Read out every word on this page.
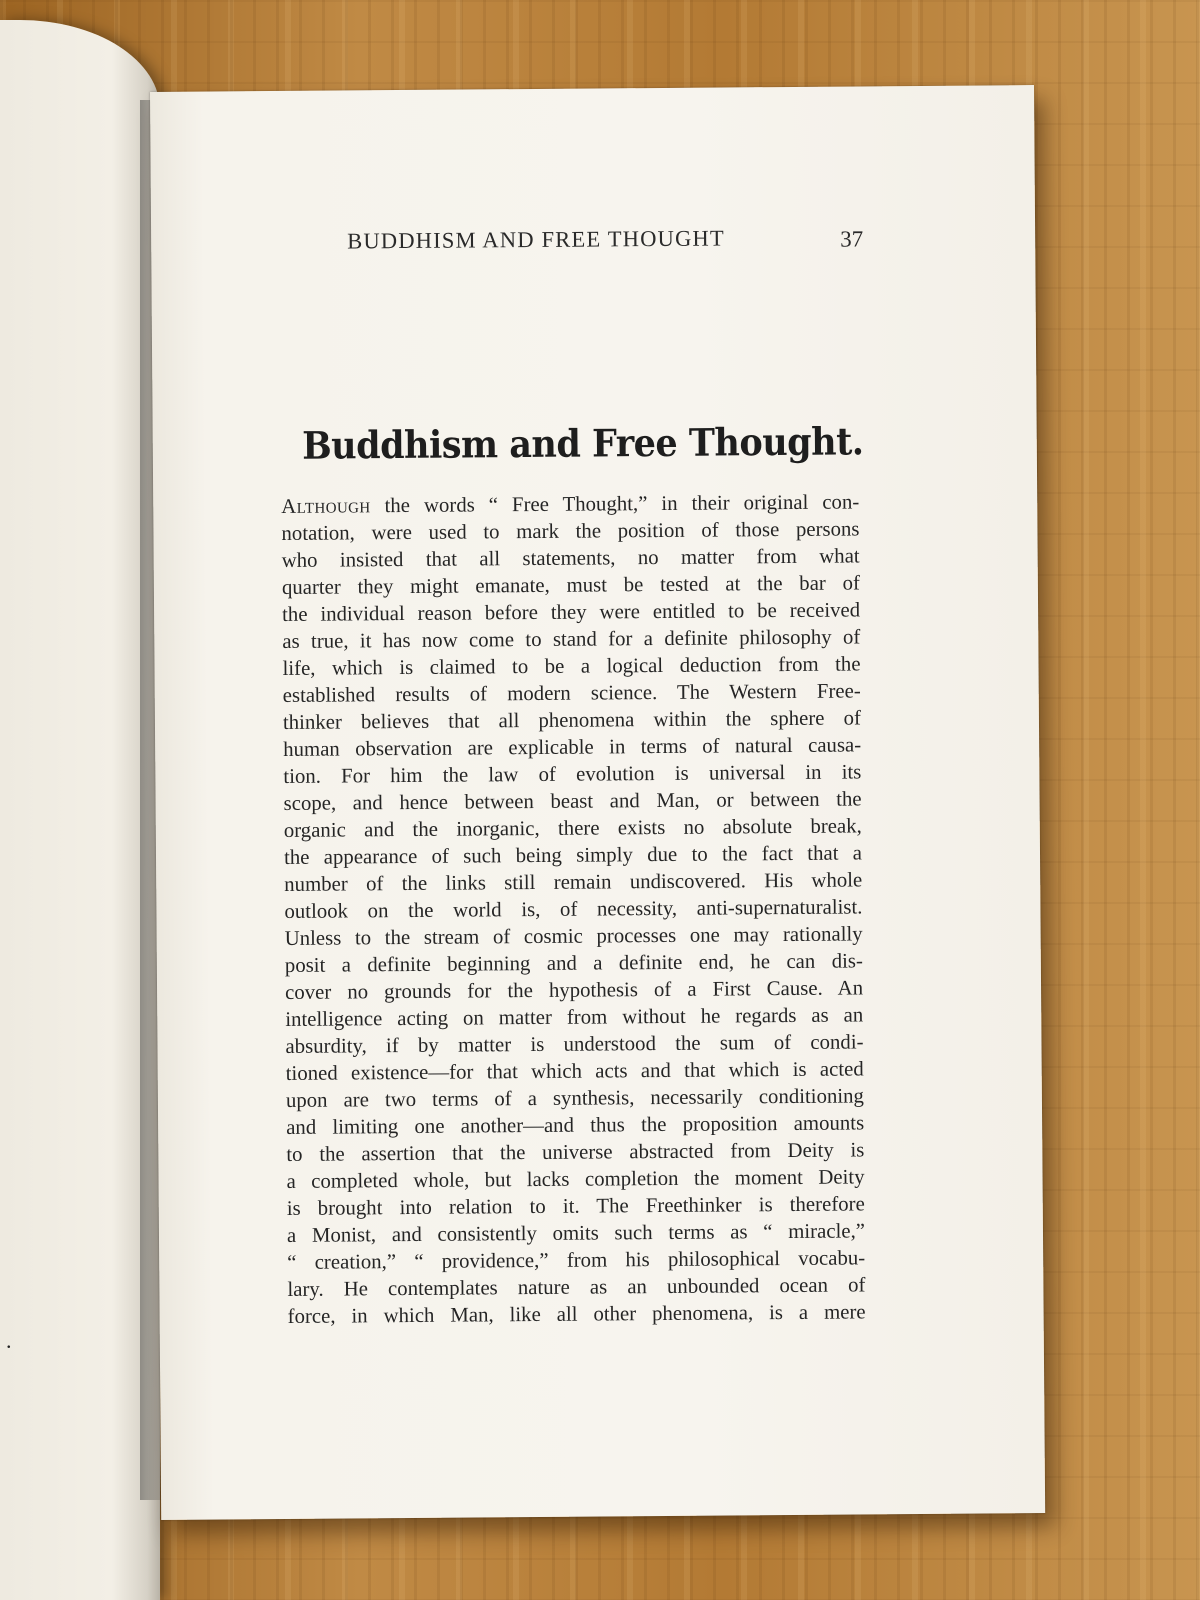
.
BUDDHISM AND FREE THOUGHT	37
Buddhism and Free Thought.
Although the words “ Free Thought,” in their original con-
notation, were used to mark the position of those persons
who insisted that all statements, no matter from what
quarter they might emanate, must be tested at the bar of
the individual reason before they were entitled to be received
as true, it has now come to stand for a definite philosophy of
life, which is claimed to be a logical deduction from the
established results of modern science. The Western Free-
thinker believes that all phenomena within the sphere of
human observation are explicable in terms of natural causa-
tion. For him the law of evolution is universal in its
scope, and hence between beast and Man, or between the
organic and the inorganic, there exists no absolute break,
the appearance of such being simply due to the fact that a
number of the links still remain undiscovered. His whole
outlook on the world is, of necessity, anti-supernaturalist.
Unless to the stream of cosmic processes one may rationally
posit a definite beginning and a definite end, he can dis-
cover no grounds for the hypothesis of a First Cause. An
intelligence acting on matter from without he regards as an
absurdity, if by matter is understood the sum of condi-
tioned existence—for that which acts and that which is acted
upon are two terms of a synthesis, necessarily conditioning
and limiting one another—and thus the proposition amounts
to the assertion that the universe abstracted from Deity is
a completed whole, but lacks completion the moment Deity
is brought into relation to it. The Freethinker is therefore
a Monist, and consistently omits such terms as “ miracle,”
“ creation,” “ providence,” from his philosophical vocabu-
lary. He contemplates nature as an unbounded ocean of
force, in which Man, like all other phenomena, is a mere
